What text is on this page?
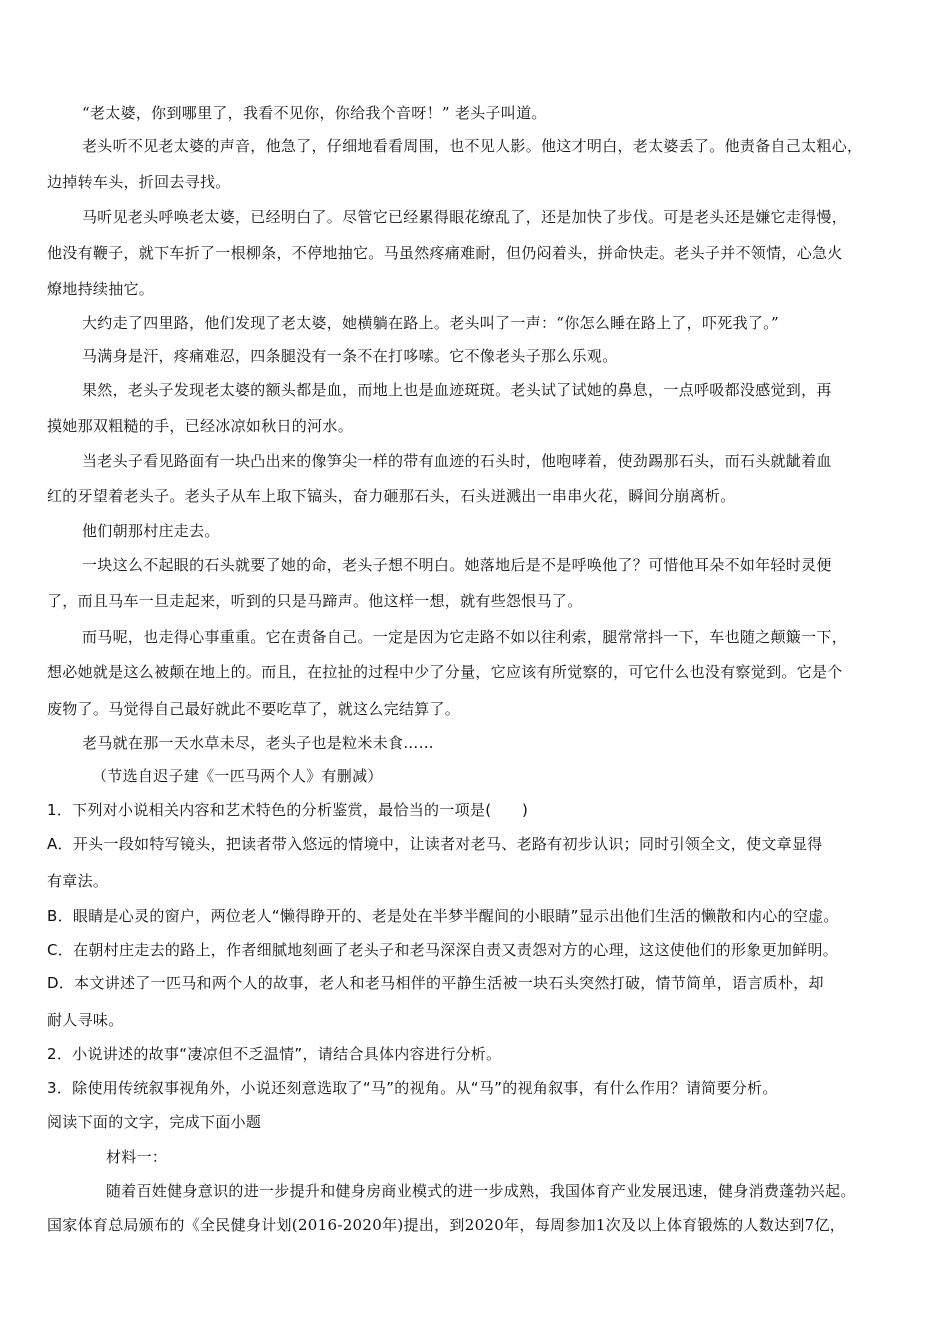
“老太婆，你到哪里了，我看不见你，你给我个音呀！” 老头子叫道。
老头听不见老太婆的声音，他急了，仔细地看看周围，也不见人影。他这才明白，老太婆丢了。他责备自己太粗心，
边掉转车头，折回去寻找。
马听见老头呼唤老太婆，已经明白了。尽管它已经累得眼花缭乱了，还是加快了步伐。可是老头还是嫌它走得慢，
他没有鞭子，就下车折了一根柳条，不停地抽它。马虽然疼痛难耐，但仍闷着头，拼命快走。老头子并不领情，心急火
燎地持续抽它。
大约走了四里路，他们发现了老太婆，她横躺在路上。老头叫了一声：“你怎么睡在路上了，吓死我了。”
马满身是汗，疼痛难忍，四条腿没有一条不在打哆嗦。它不像老头子那么乐观。
果然，老头子发现老太婆的额头都是血，而地上也是血迹斑斑。老头试了试她的鼻息，一点呼吸都没感觉到，再
摸她那双粗糙的手，已经冰凉如秋日的河水。
当老头子看见路面有一块凸出来的像笋尖一样的带有血迹的石头时，他咆哮着，使劲踢那石头，而石头就龇着血
红的牙望着老头子。老头子从车上取下镐头，奋力砸那石头，石头迸溅出一串串火花，瞬间分崩离析。
他们朝那村庄走去。
一块这么不起眼的石头就要了她的命，老头子想不明白。她落地后是不是呼唤他了？可惜他耳朵不如年轻时灵便
了，而且马车一旦走起来，听到的只是马蹄声。他这样一想，就有些怨恨马了。
而马呢，也走得心事重重。它在责备自己。一定是因为它走路不如以往利索，腿常常抖一下，车也随之颠簸一下，
想必她就是这么被颠在地上的。而且，在拉扯的过程中少了分量，它应该有所觉察的，可它什么也没有察觉到。它是个
废物了。马觉得自己最好就此不要吃草了，就这么完结算了。
老马就在那一天水草未尽，老头子也是粒米未食……
（节选自迟子建《一匹马两个人》有删减）
1．下列对小说相关内容和艺术特色的分析鉴赏，最恰当的一项是(　　)
A．开头一段如特写镜头，把读者带入悠远的情境中，让读者对老马、老路有初步认识；同时引领全文，使文章显得
有章法。
B．眼睛是心灵的窗户，两位老人“懒得睁开的、老是处在半梦半醒间的小眼睛”显示出他们生活的懒散和内心的空虚。
C．在朝村庄走去的路上，作者细腻地刻画了老头子和老马深深自责又责怨对方的心理，这这使他们的形象更加鲜明。
D．本文讲述了一匹马和两个人的故事，老人和老马相伴的平静生活被一块石头突然打破，情节简单，语言质朴，却
耐人寻味。
2．小说讲述的故事“凄凉但不乏温情”，请结合具体内容进行分析。
3．除使用传统叙事视角外，小说还刻意选取了“马”的视角。从“马”的视角叙事，有什么作用？请简要分析。
阅读下面的文字，完成下面小题
材料一：
随着百姓健身意识的进一步提升和健身房商业模式的进一步成熟，我国体育产业发展迅速，健身消费蓬勃兴起。
国家体育总局颁布的《全民健身计划(2016-2020年)提出，到2020年，每周参加1次及以上体育锻炼的人数达到7亿，
